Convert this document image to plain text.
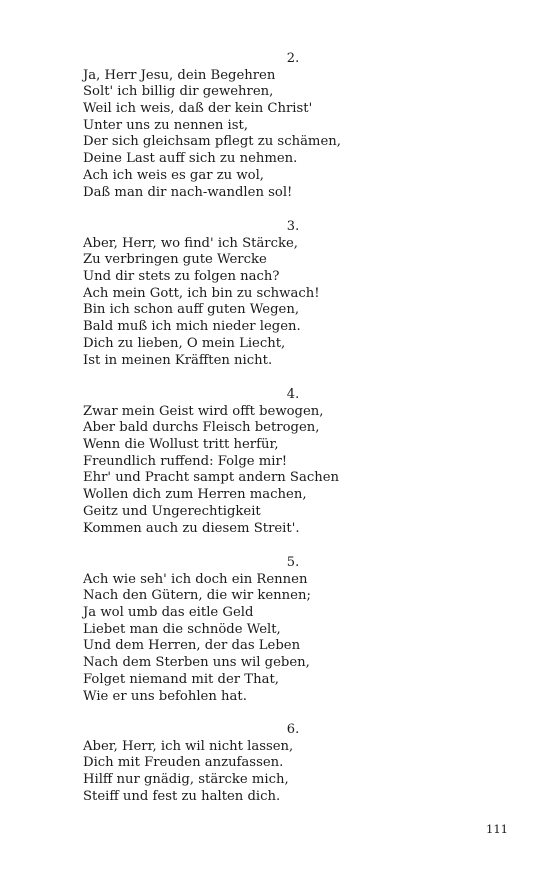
2.
Ja, Herr Jesu, dein Begehren
Solt' ich billig dir gewehren,
Weil ich weis, daß der kein Christ'
Unter uns zu nennen ist,
Der sich gleichsam pflegt zu schämen,
Deine Last auff sich zu nehmen.
Ach ich weis es gar zu wol,
Daß man dir nach-wandlen sol!
3.
Aber, Herr, wo find' ich Stärcke,
Zu verbringen gute Wercke
Und dir stets zu folgen nach?
Ach mein Gott, ich bin zu schwach!
Bin ich schon auff guten Wegen,
Bald muß ich mich nieder legen.
Dich zu lieben, O mein Liecht,
Ist in meinen Kräfften nicht.
4.
Zwar mein Geist wird offt bewogen,
Aber bald durchs Fleisch betrogen,
Wenn die Wollust tritt herfür,
Freundlich ruffend: Folge mir!
Ehr' und Pracht sampt andern Sachen
Wollen dich zum Herren machen,
Geitz und Ungerechtigkeit
Kommen auch zu diesem Streit'.
5.
Ach wie seh' ich doch ein Rennen
Nach den Gütern, die wir kennen;
Ja wol umb das eitle Geld
Liebet man die schnöde Welt,
Und dem Herren, der das Leben
Nach dem Sterben uns wil geben,
Folget niemand mit der That,
Wie er uns befohlen hat.
6.
Aber, Herr, ich wil nicht lassen,
Dich mit Freuden anzufassen.
Hilff nur gnädig, stärcke mich,
Steiff und fest zu halten dich.
111
